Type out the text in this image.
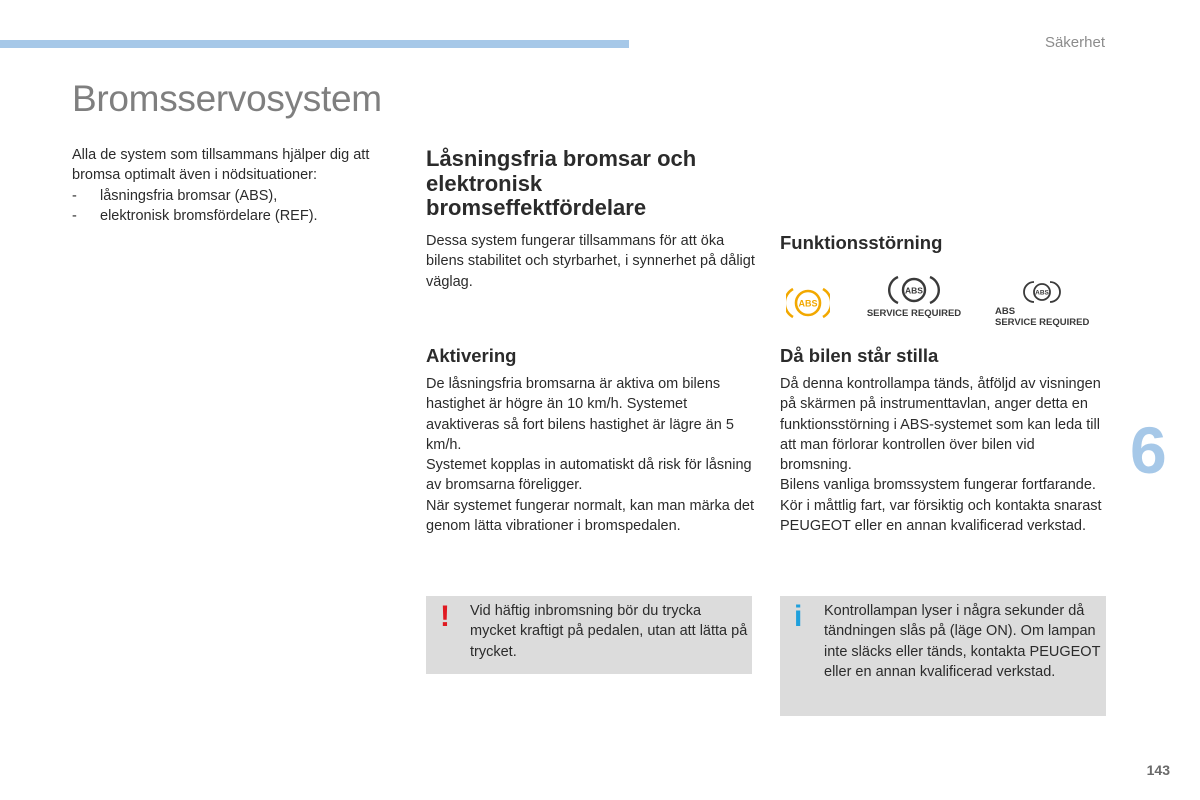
Säkerhet
Bromsservosystem
Alla de system som tillsammans hjälper dig att bromsa optimalt även i nödsituationer:
- låsningsfria bromsar (ABS),
- elektronisk bromsfördelare (REF).
Låsningsfria bromsar och elektronisk bromseffektfördelare
Dessa system fungerar tillsammans för att öka bilens stabilitet och styrbarhet, i synnerhet på dåligt väglag.
Aktivering
De låsningsfria bromsarna är aktiva om bilens hastighet är högre än 10 km/h. Systemet avaktiveras så fort bilens hastighet är lägre än 5 km/h.
Systemet kopplas in automatiskt då risk för låsning av bromsarna föreligger.
När systemet fungerar normalt, kan man märka det genom lätta vibrationer i bromspedalen.
Funktionsstörning
ABS
ABS
SERVICE REQUIRED
ABS
ABS
SERVICE REQUIRED
Då bilen står stilla
Då denna kontrollampa tänds, åtföljd av visningen på skärmen på instrumenttavlan, anger detta en funktionsstörning i ABS-systemet som kan leda till att man förlorar kontrollen över bilen vid bromsning.
Bilens vanliga bromssystem fungerar fortfarande.
Kör i måttlig fart, var försiktig och kontakta snarast PEUGEOT eller en annan kvalificerad verkstad.
! Vid häftig inbromsning bör du trycka mycket kraftigt på pedalen, utan att lätta på trycket.
i Kontrollampan lyser i några sekunder då tändningen slås på (läge ON). Om lampan inte släcks eller tänds, kontakta PEUGEOT eller en annan kvalificerad verkstad.
6
143
